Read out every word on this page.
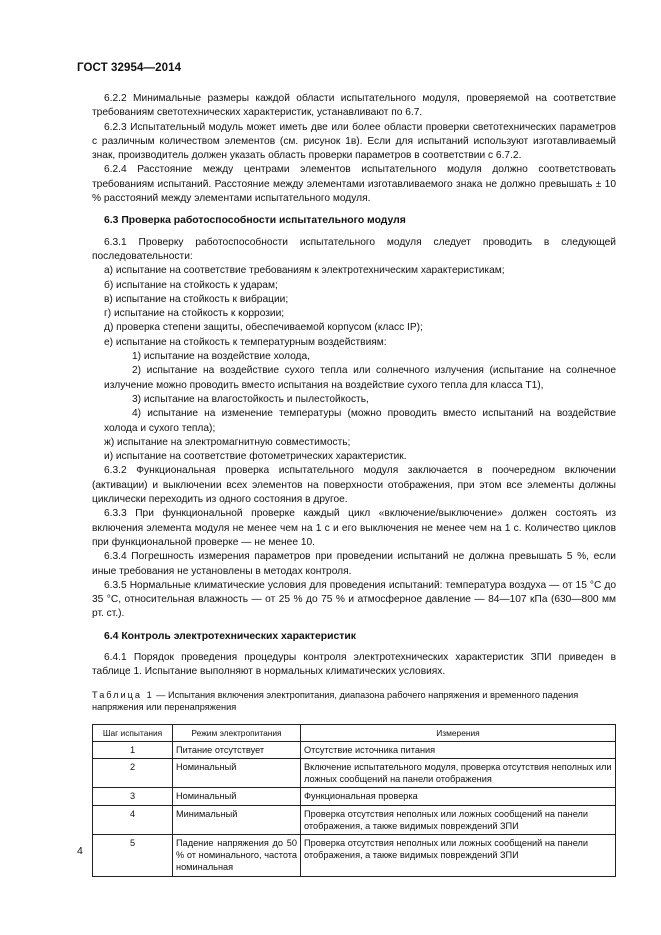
ГОСТ 32954—2014

6.2.2 Минимальные размеры каждой области испытательного модуля, проверяемой на соответствие требованиям светотехнических характеристик, устанавливают по 6.7.

6.2.3 Испытательный модуль может иметь две или более области проверки светотехнических параметров с различным количеством элементов (см. рисунок 1в). Если для испытаний используют изготавливаемый знак, производитель должен указать область проверки параметров в соответствии с 6.7.2.

6.2.4 Расстояние между центрами элементов испытательного модуля должно соответствовать требованиям испытаний. Расстояние между элементами изготавливаемого знака не должно превышать ± 10 % расстояний между элементами испытательного модуля.

6.3 Проверка работоспособности испытательного модуля

6.3.1 Проверку работоспособности испытательного модуля следует проводить в следующей последовательности:

а) испытание на соответствие требованиям к электротехническим характеристикам;

б) испытание на стойкость к ударам;

в) испытание на стойкость к вибрации;

г) испытание на стойкость к коррозии;

д) проверка степени защиты, обеспечиваемой корпусом (класс IP);

е) испытание на стойкость к температурным воздействиям:

1) испытание на воздействие холода,

2) испытание на воздействие сухого тепла или солнечного излучения (испытание на солнечное излучение можно проводить вместо испытания на воздействие сухого тепла для класса Т1),

3) испытание на влагостойкость и пылестойкость,

4) испытание на изменение температуры (можно проводить вместо испытаний на воздействие холода и сухого тепла);

ж) испытание на электромагнитную совместимость;

и) испытание на соответствие фотометрических характеристик.

6.3.2 Функциональная проверка испытательного модуля заключается в поочередном включении (активации) и выключении всех элементов на поверхности отображения, при этом все элементы должны циклически переходить из одного состояния в другое.

6.3.3 При функциональной проверке каждый цикл «включение/выключение» должен состоять из включения элемента модуля не менее чем на 1 с и его выключения не менее чем на 1 с. Количество циклов при функциональной проверке — не менее 10.

6.3.4 Погрешность измерения параметров при проведении испытаний не должна превышать 5 %, если иные требования не установлены в методах контроля.

6.3.5 Нормальные климатические условия для проведения испытаний: температура воздуха — от 15 °С до 35 °С, относительная влажность — от 25 % до 75 % и атмосферное давление — 84—107 кПа (630—800 мм рт. ст.).

6.4 Контроль электротехнических характеристик

6.4.1 Порядок проведения процедуры контроля электротехнических характеристик ЗПИ приведен в таблице 1. Испытание выполняют в нормальных климатических условиях.

Таблица 1 — Испытания включения электропитания, диапазона рабочего напряжения и временного падения напряжения или перенапряжения

Шаг испытания	Режим электропитания	Измерения
1	Питание отсутствует	Отсутствие источника питания
2	Номинальный	Включение испытательного модуля, проверка отсутствия неполных или ложных сообщений на панели отображения
3	Номинальный	Функциональная проверка
4	Минимальный	Проверка отсутствия неполных или ложных сообщений на панели отображения, а также видимых повреждений ЗПИ
5	Падение напряжения до 50 % от номинального, частота номинальная	Проверка отсутствия неполных или ложных сообщений на панели отображения, а также видимых повреждений ЗПИ
4
